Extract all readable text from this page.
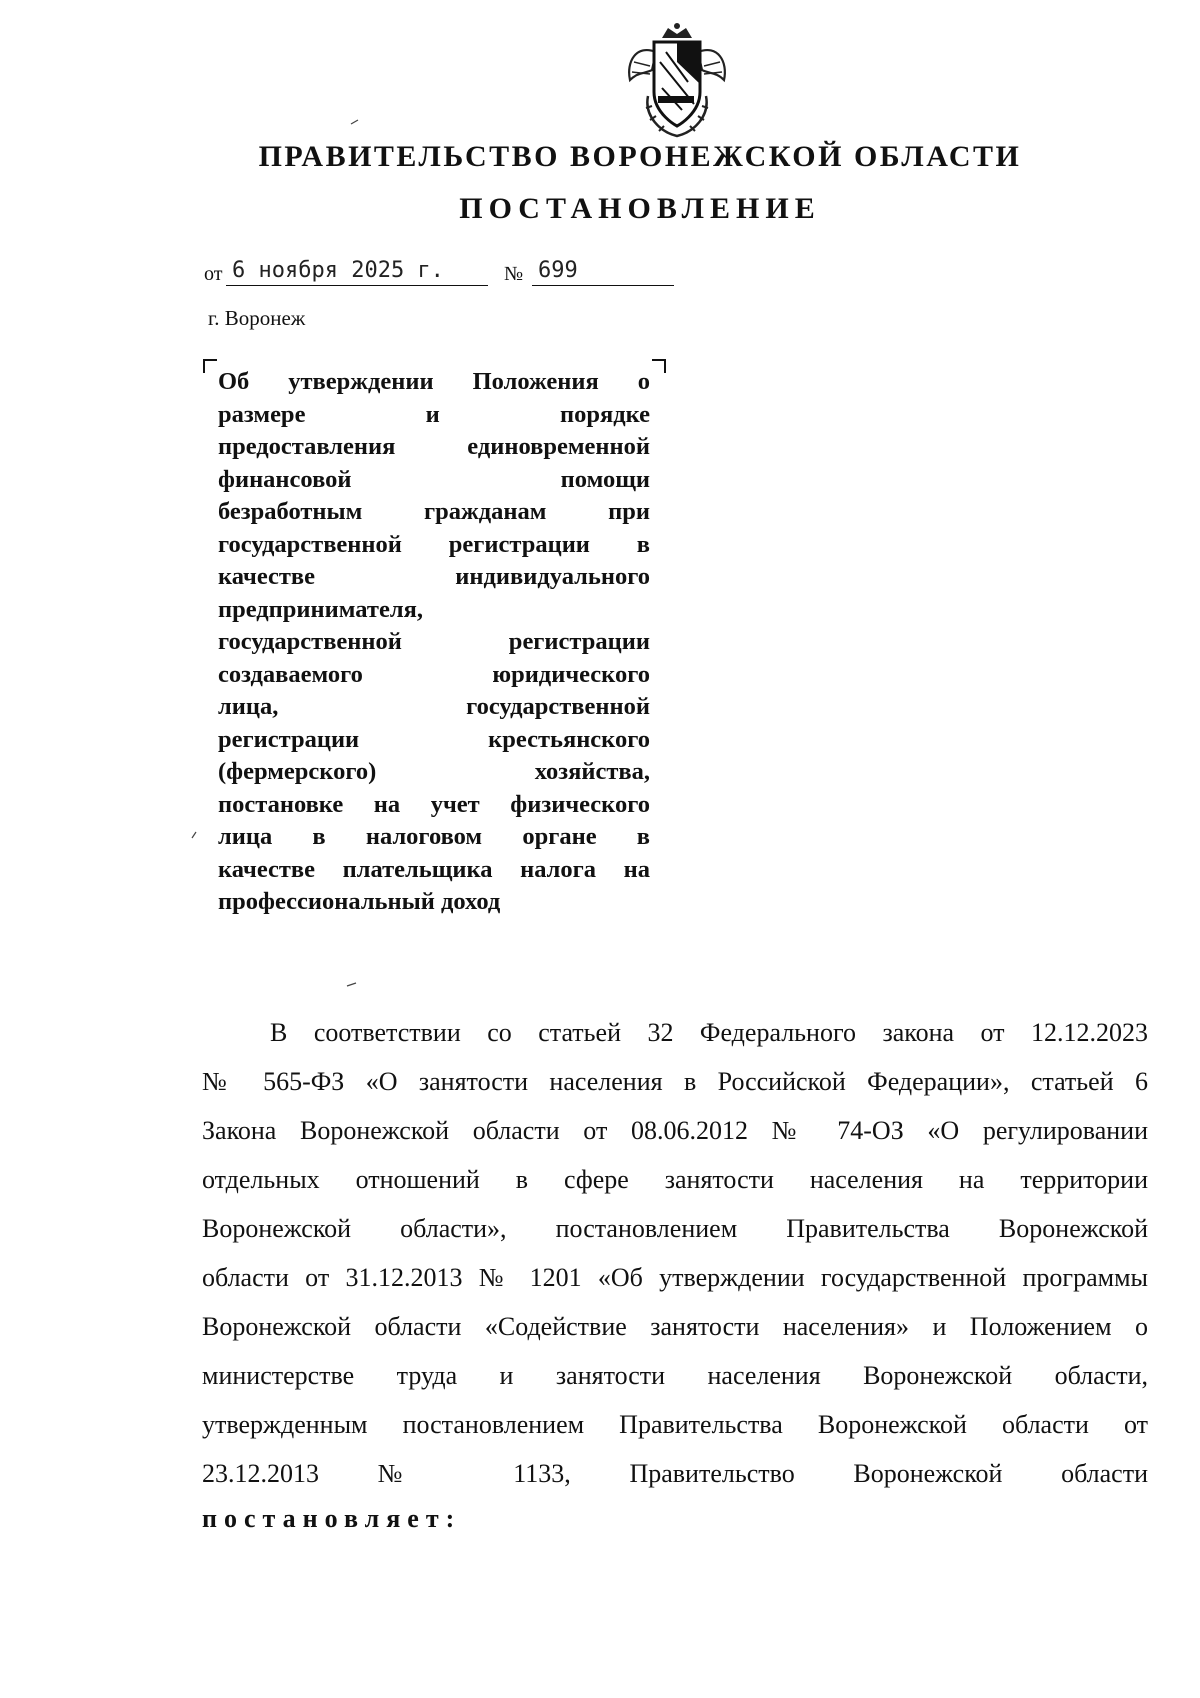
ПРАВИТЕЛЬСТВО ВОРОНЕЖСКОЙ ОБЛАСТИ
ПОСТАНОВЛЕНИЕ
от 6 ноября 2025 г.	№ 699
г. Воронеж
Об утверждении Положения о
размере и порядке
предоставления единовременной
финансовой помощи
безработным гражданам при
государственной регистрации в
качестве индивидуального
предпринимателя,
государственной регистрации
создаваемого юридического
лица, государственной
регистрации крестьянского
(фермерского) хозяйства,
постановке на учет физического
лица в налоговом органе в
качестве плательщика налога на
профессиональный доход
В соответствии со статьей 32 Федерального закона от 12.12.2023
№ 565-ФЗ «О занятости населения в Российской Федерации», статьей 6
Закона Воронежской области от 08.06.2012 № 74-ОЗ «О регулировании
отдельных отношений в сфере занятости населения на территории
Воронежской области», постановлением Правительства Воронежской
области от 31.12.2013 № 1201 «Об утверждении государственной программы
Воронежской области «Содействие занятости населения» и Положением о
министерстве труда и занятости населения Воронежской области,
утвержденным постановлением Правительства Воронежской области от
23.12.2013 № 1133, Правительство Воронежской области
постановляет:
